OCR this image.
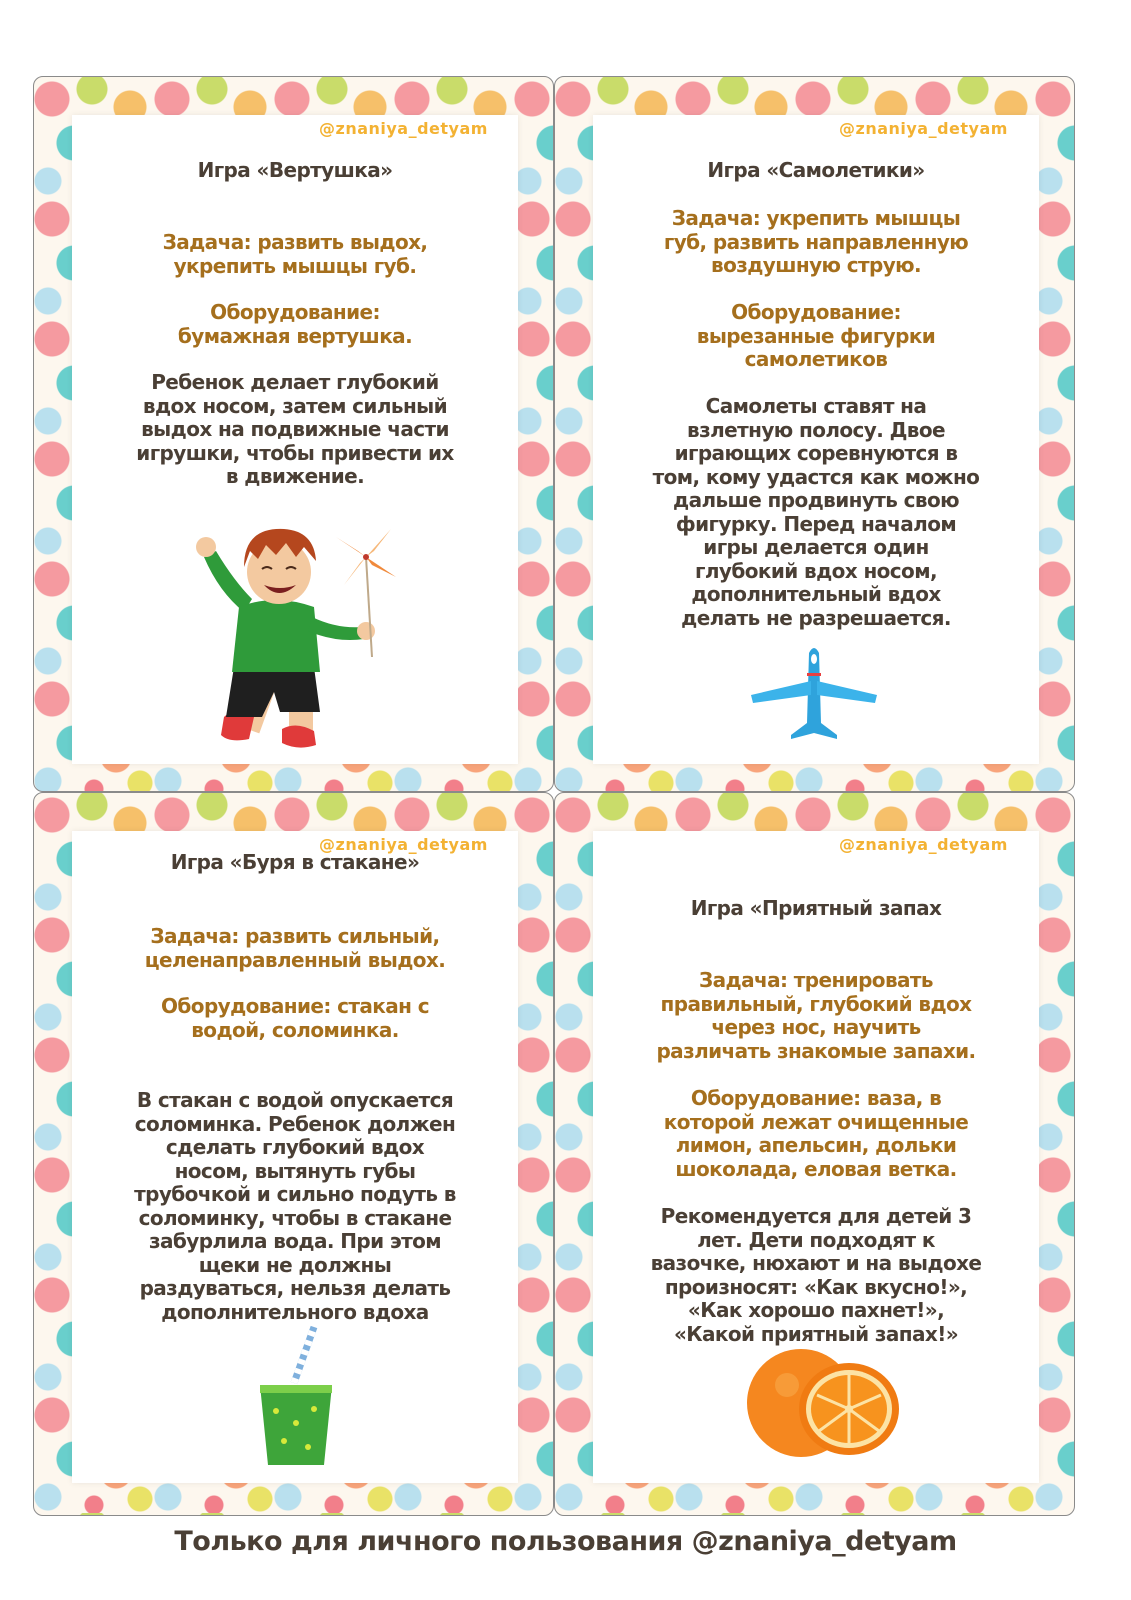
@znaniya_detyam
Игра «Вертушка»
Задача: развить выдох,
укрепить мышцы губ.
Оборудование:
бумажная вертушка.
Ребенок делает глубокий
вдох носом, затем сильный
выдох на подвижные части
игрушки, чтобы привести их
в движение.
@znaniya_detyam
Игра «Самолетики»
Задача: укрепить мышцы
губ, развить направленную
воздушную струю.
Оборудование:
вырезанные фигурки
самолетиков
Самолеты ставят на
взлетную полосу. Двое
играющих соревнуются в
том, кому удастся как можно
дальше продвинуть свою
фигурку. Перед началом
игры делается один
глубокий вдох носом,
дополнительный вдох
делать не разрешается.
@znaniya_detyam
Игра «Буря в стакане»
Задача: развить сильный,
целенаправленный выдох.
Оборудование: стакан с
водой, соломинка.
В стакан с водой опускается
соломинка. Ребенок должен
сделать глубокий вдох
носом, вытянуть губы
трубочкой и сильно подуть в
соломинку, чтобы в стакане
забурлила вода. При этом
щеки не должны
раздуваться, нельзя делать
дополнительного вдоха
@znaniya_detyam
Игра «Приятный запах
Задача: тренировать
правильный, глубокий вдох
через нос, научить
различать знакомые запахи.
Оборудование: ваза, в
которой лежат очищенные
лимон, апельсин, дольки
шоколада, еловая ветка.
Рекомендуется для детей 3
лет. Дети подходят к
вазочке, нюхают и на выдохе
произносят: «Как вкусно!»,
«Как хорошо пахнет!»,
«Какой приятный запах!»
Только для личного пользования @znaniya_detyam
